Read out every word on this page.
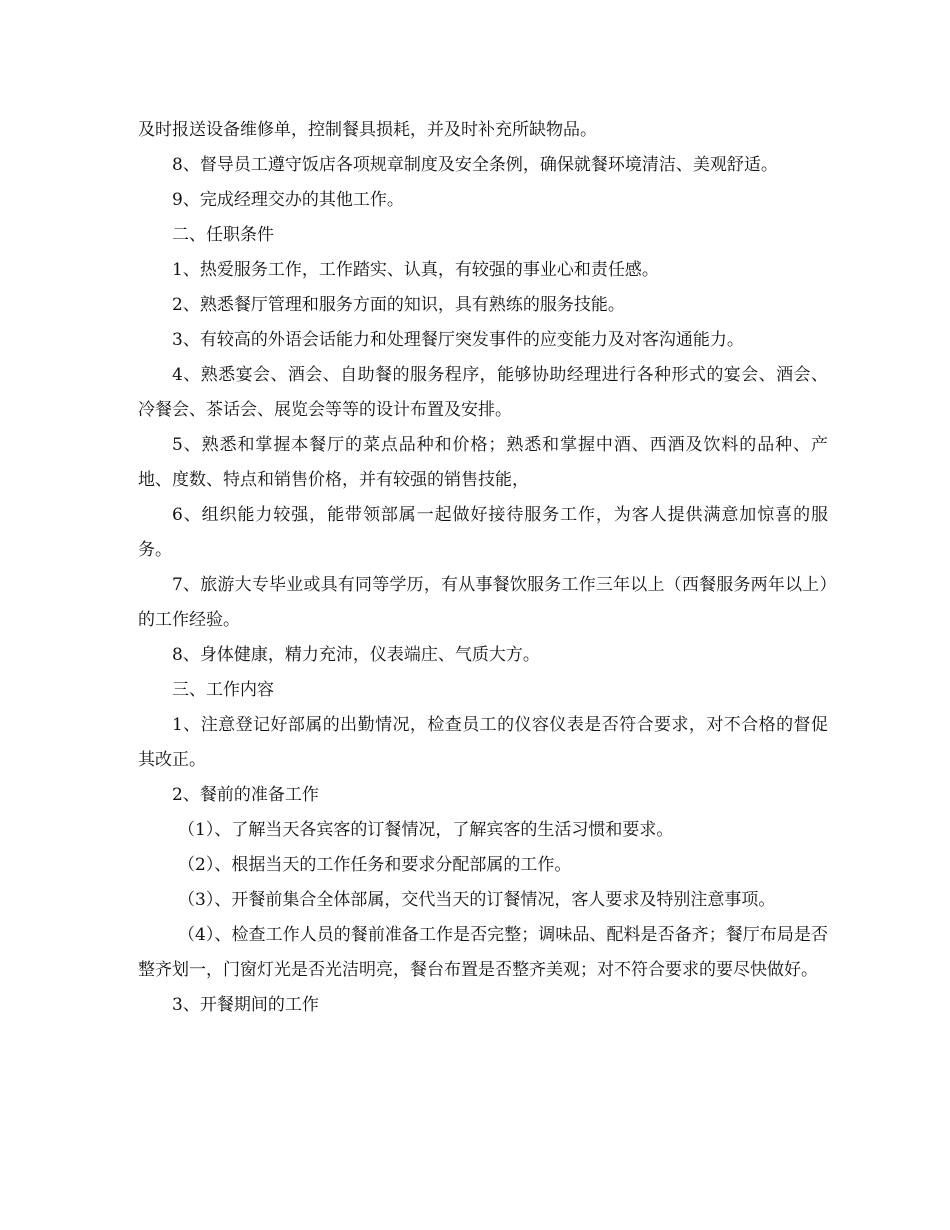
及时报送设备维修单，控制餐具损耗，并及时补充所缺物品。

8、督导员工遵守饭店各项规章制度及安全条例，确保就餐环境清洁、美观舒适。

9、完成经理交办的其他工作。

二、任职条件

1、热爱服务工作，工作踏实、认真，有较强的事业心和责任感。

2、熟悉餐厅管理和服务方面的知识，具有熟练的服务技能。

3、有较高的外语会话能力和处理餐厅突发事件的应变能力及对客沟通能力。

4、熟悉宴会、酒会、自助餐的服务程序，能够协助经理进行各种形式的宴会、酒会、冷餐会、茶话会、展览会等等的设计布置及安排。

5、熟悉和掌握本餐厅的菜点品种和价格；熟悉和掌握中酒、西酒及饮料的品种、产地、度数、特点和销售价格，并有较强的销售技能，

6、组织能力较强，能带领部属一起做好接待服务工作，为客人提供满意加惊喜的服务。

7、旅游大专毕业或具有同等学历，有从事餐饮服务工作三年以上（西餐服务两年以上）的工作经验。

8、身体健康，精力充沛，仪表端庄、气质大方。

三、工作内容

1、注意登记好部属的出勤情况，检查员工的仪容仪表是否符合要求，对不合格的督促其改正。

2、餐前的准备工作

（1）、了解当天各宾客的订餐情况，了解宾客的生活习惯和要求。

（2）、根据当天的工作任务和要求分配部属的工作。

（3）、开餐前集合全体部属，交代当天的订餐情况，客人要求及特别注意事项。

（4）、检查工作人员的餐前准备工作是否完整；调味品、配料是否备齐；餐厅布局是否整齐划一，门窗灯光是否光洁明亮，餐台布置是否整齐美观；对不符合要求的要尽快做好。

3、开餐期间的工作
